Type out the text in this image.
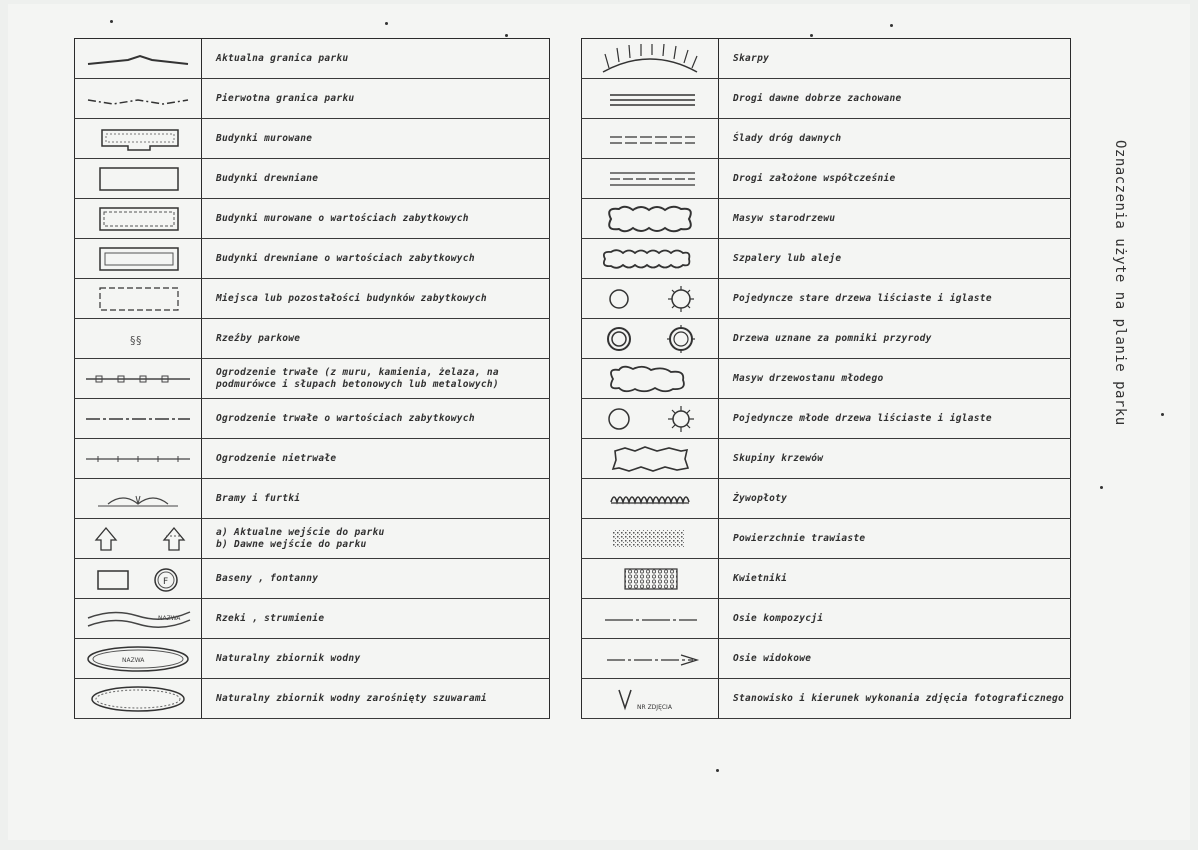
	Aktualna granica parku

	Pierwotna granica parku

	Budynki murowane

	Budynki drewniane

	Budynki murowane o wartościach zabytkowych

	Budynki drewniane o wartościach zabytkowych

	Miejsca lub pozostałości budynków zabytkowych

§ §	Rzeźby parkowe

	Ogrodzenie trwałe (z muru, kamienia, żelaza, na podmurówce i słupach betonowych lub metalowych)

	Ogrodzenie trwałe o wartościach zabytkowych

	Ogrodzenie nietrwałe

	Bramy i furtki

	a) Aktualne wejście do parku
b) Dawne wejście do parku

F	Baseny , fontanny

NAZWA	Rzeki , strumienie

NAZWA	Naturalny zbiornik wodny

	Naturalny zbiornik wodny zarośnięty szuwarami
	Skarpy

	Drogi dawne dobrze zachowane

	Ślady dróg dawnych

	Drogi założone współcześnie

	Masyw starodrzewu

	Szpalery lub aleje

	Pojedyncze stare drzewa liściaste i iglaste

	Drzewa uznane za pomniki przyrody

	Masyw drzewostanu młodego

	Pojedyncze młode drzewa liściaste i iglaste

	Skupiny krzewów

	Żywopłoty

	Powierzchnie trawiaste

	Kwietniki

	Osie kompozycji

	Osie widokowe

NR ZDJĘCIA	Stanowisko i kierunek wykonania zdjęcia fotograficznego
Oznaczenia użyte na planie parku
